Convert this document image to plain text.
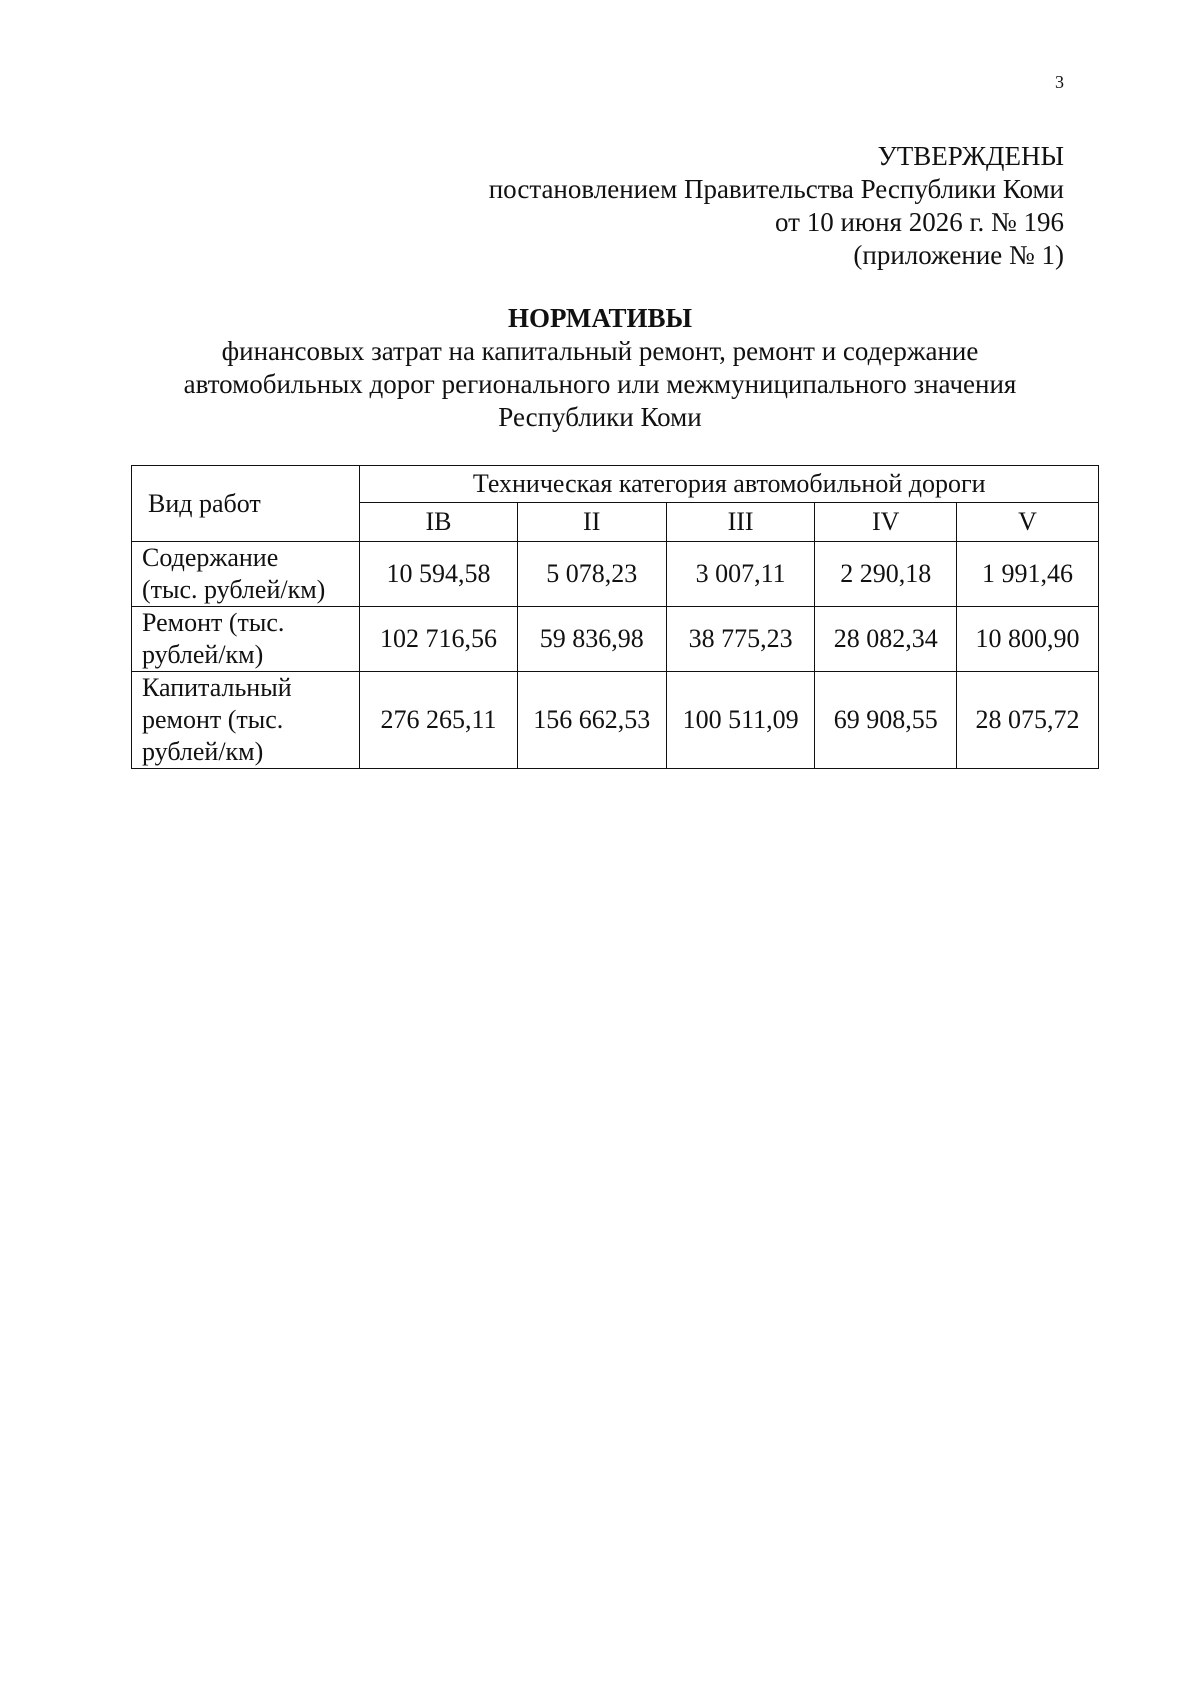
3
УТВЕРЖДЕНЫ
постановлением Правительства Республики Коми
от 10 июня 2026 г. № 196
(приложение № 1)
НОРМАТИВЫ
финансовых затрат на капитальный ремонт, ремонт и содержание
автомобильных дорог регионального или межмуниципального значения
Республики Коми
Вид работ	Техническая категория автомобильной дороги				
	IB	II	III	IV	V

Содержание
(тыс. рублей/км)	10 594,58	5 078,23	3 007,11	2 290,18	1 991,46

Ремонт (тыс.
рублей/км)	102 716,56	59 836,98	38 775,23	28 082,34	10 800,90

Капитальный
ремонт (тыс.
рублей/км)	276 265,11	156 662,53	100 511,09	69 908,55	28 075,72
